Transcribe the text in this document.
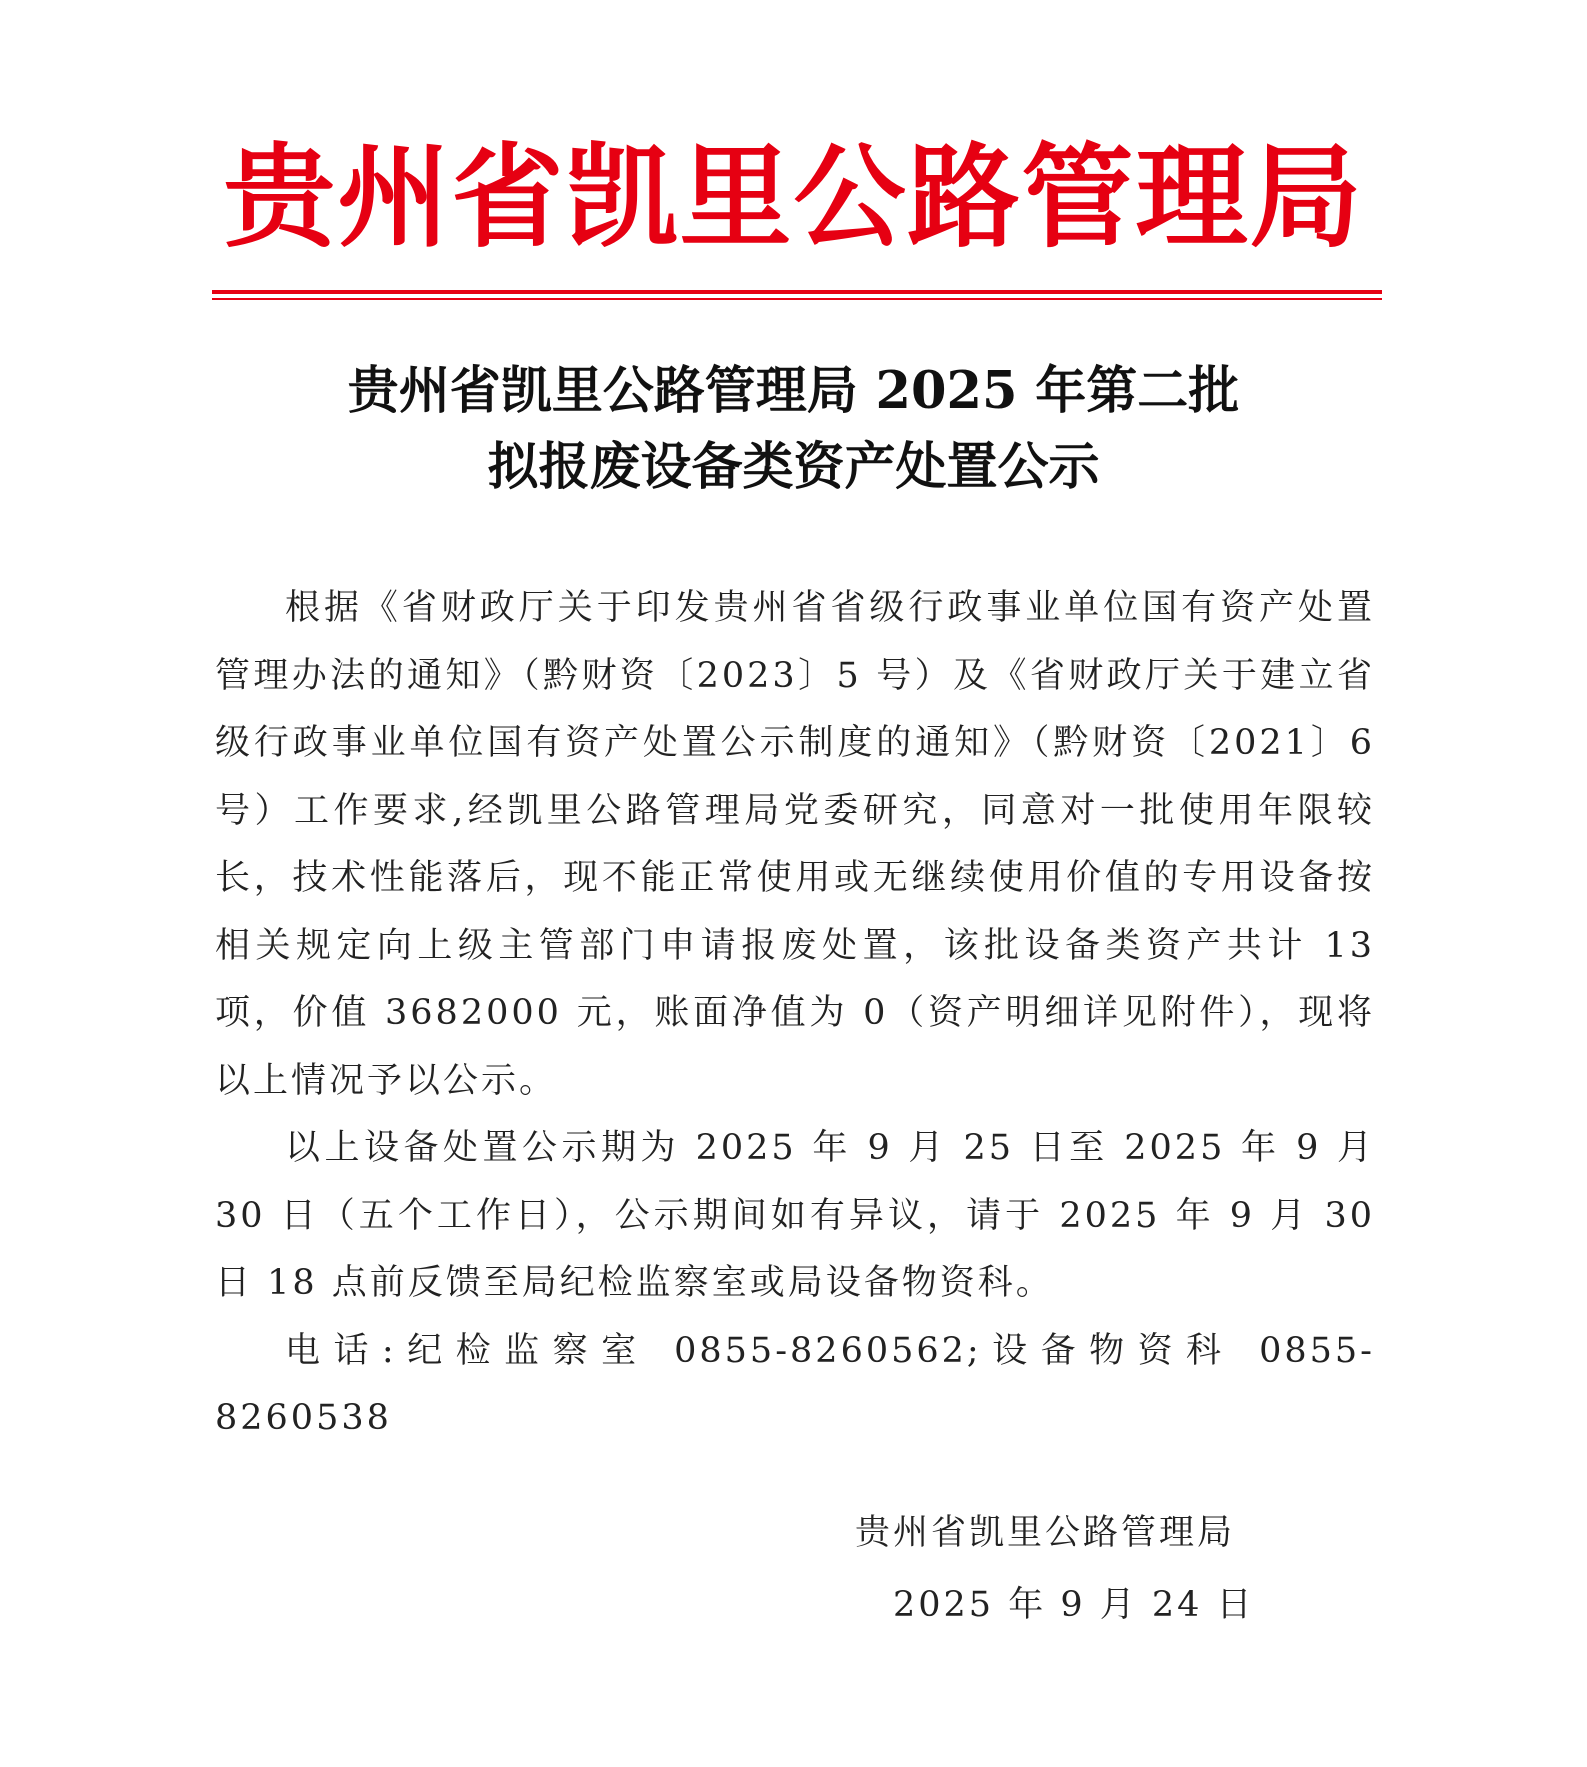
贵州省凯里公路管理局
贵州省凯里公路管理局 2025 年第二批
拟报废设备类资产处置公示

根据《省财政厅关于印发贵州省省级行政事业单位国有资产处置管理办法的通知》（黔财资〔2023〕5 号）及《省财政厅关于建立省级行政事业单位国有资产处置公示制度的通知》（黔财资〔2021〕6 号）工作要求,经凯里公路管理局党委研究，同意对一批使用年限较长，技术性能落后，现不能正常使用或无继续使用价值的专用设备按相关规定向上级主管部门申请报废处置，该批设备类资产共计 13 项，价值 3682000 元，账面净值为 0（资产明细详见附件），现将以上情况予以公示。

以上设备处置公示期为 2025 年 9 月 25 日至 2025 年 9 月 30 日（五个工作日），公示期间如有异议，请于 2025 年 9 月 30 日 18 点前反馈至局纪检监察室或局设备物资科。

电话:纪检监察室 0855-8260562;设备物资科 0855-8260538

贵州省凯里公路管理局
2025 年 9 月 24 日
